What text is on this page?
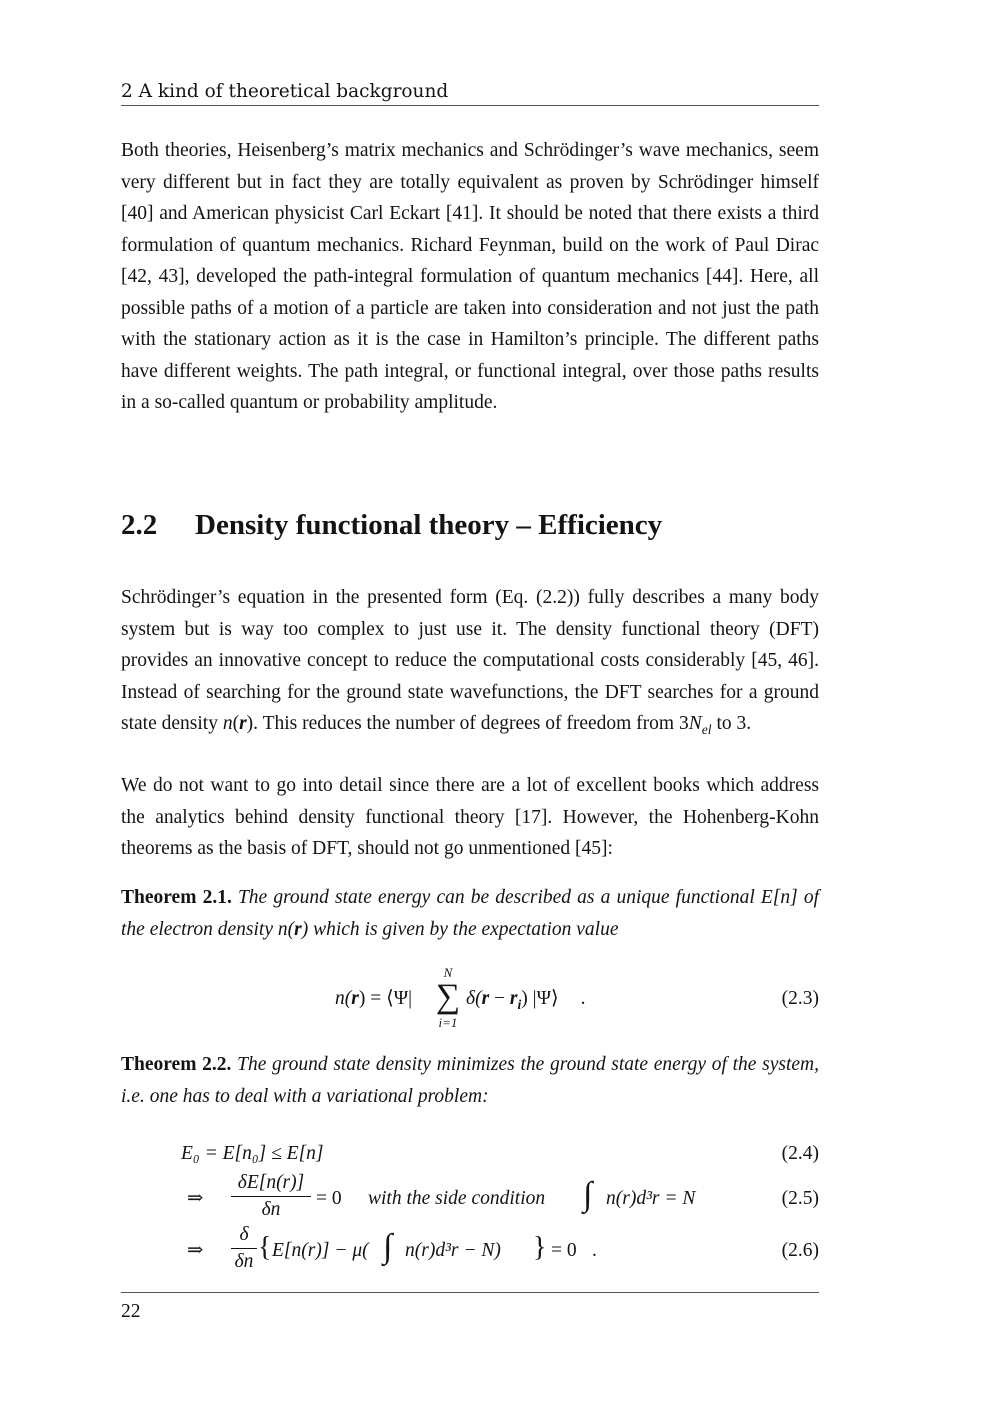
2 A kind of theoretical background
Both theories, Heisenberg’s matrix mechanics and Schrödinger’s wave mechanics, seem very different but in fact they are totally equivalent as proven by Schrödinger himself [40] and American physicist Carl Eckart [41]. It should be noted that there exists a third formulation of quantum mechanics. Richard Feynman, build on the work of Paul Dirac [42, 43], developed the path-integral formulation of quantum mechanics [44]. Here, all possible paths of a motion of a particle are taken into consideration and not just the path with the stationary action as it is the case in Hamilton’s principle. The different paths have different weights. The path integral, or functional integral, over those paths results in a so-called quantum or probability amplitude.
2.2 Density functional theory – Efficiency
Schrödinger’s equation in the presented form (Eq. (2.2)) fully describes a many body system but is way too complex to just use it. The density functional theory (DFT) provides an innovative concept to reduce the computational costs considerably [45, 46]. Instead of searching for the ground state wavefunctions, the DFT searches for a ground state density n(r). This reduces the number of degrees of freedom from $3N_{el}$ to 3.
We do not want to go into detail since there are a lot of excellent books which address the analytics behind density functional theory [17]. However, the Hohenberg-Kohn theorems as the basis of DFT, should not go unmentioned [45]:
Theorem 2.1. The ground state energy can be described as a unique functional E[n] of the electron density n(r) which is given by the expectation value
n(r) = ⟨Ψ|
N
∑
i=1
$\delta(r - r_i)$ |Ψ⟩ .	(2.3)
Theorem 2.2. The ground state density minimizes the ground state energy of the system, i.e. one has to deal with a variational problem:
E₀ = E[n₀] ≤ E[n]	(2.4)
⇒
δE[n(r)]
δn
= 0 with the side condition ∫ n(r)d³r = N	(2.5)
⇒
δ
δn { E[n(r)] − μ( ∫ n(r)d³r − N) } = 0 .	(2.6)
22
